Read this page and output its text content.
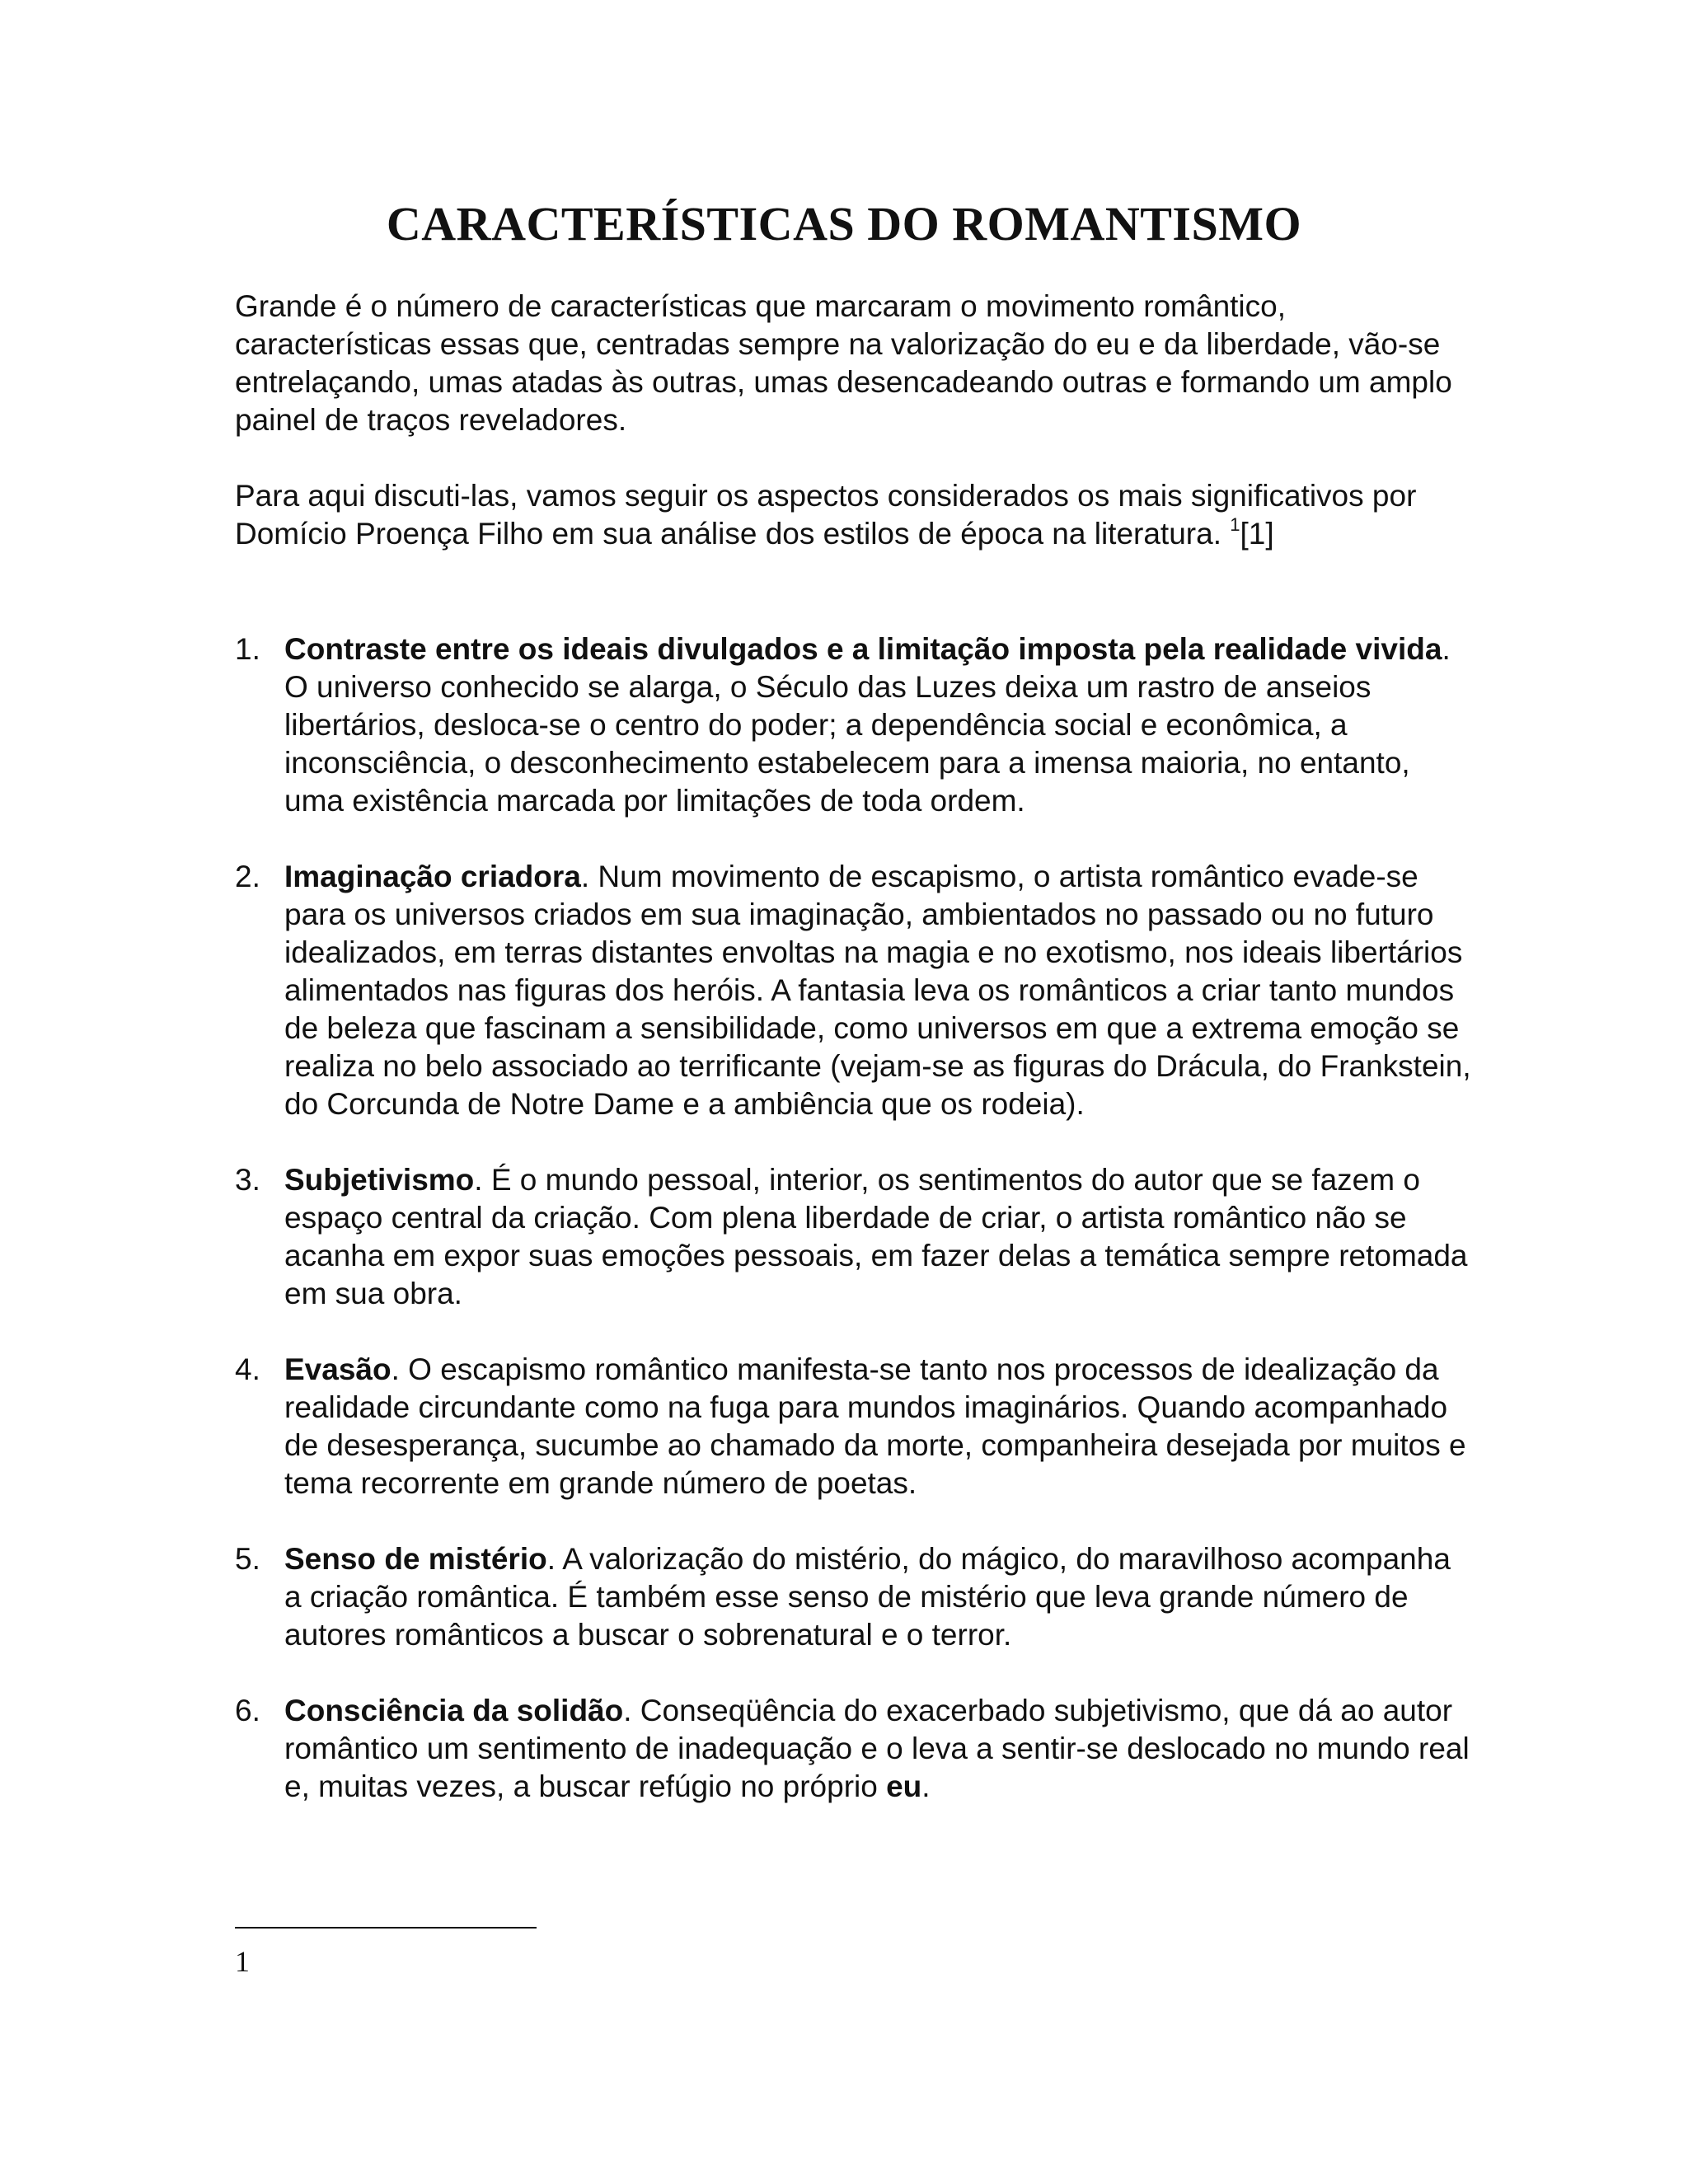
CARACTERÍSTICAS DO ROMANTISMO

Grande é o número de características que marcaram o movimento romântico, características essas que, centradas sempre na valorização do eu e da liberdade, vão-se entrelaçando, umas atadas às outras, umas desencadeando outras e formando um amplo painel de traços reveladores.

Para aqui discuti-las, vamos seguir os aspectos considerados os mais significativos por Domício Proença Filho em sua análise dos estilos de época na literatura. $^1$[1]

1. Contraste entre os ideais divulgados e a limitação imposta pela realidade vivida. O universo conhecido se alarga, o Século das Luzes deixa um rastro de anseios libertários, desloca-se o centro do poder; a dependência social e econômica, a inconsciência, o desconhecimento estabelecem para a imensa maioria, no entanto, uma existência marcada por limitações de toda ordem.
2. Imaginação criadora. Num movimento de escapismo, o artista romântico evade-se para os universos criados em sua imaginação, ambientados no passado ou no futuro idealizados, em terras distantes envoltas na magia e no exotismo, nos ideais libertários alimentados nas figuras dos heróis. A fantasia leva os românticos a criar tanto mundos de beleza que fascinam a sensibilidade, como universos em que a extrema emoção se realiza no belo associado ao terrificante (vejam-se as figuras do Drácula, do Frankstein, do Corcunda de Notre Dame e a ambiência que os rodeia).
3. Subjetivismo. É o mundo pessoal, interior, os sentimentos do autor que se fazem o espaço central da criação. Com plena liberdade de criar, o artista romântico não se acanha em expor suas emoções pessoais, em fazer delas a temática sempre retomada em sua obra.
4. Evasão. O escapismo romântico manifesta-se tanto nos processos de idealização da realidade circundante como na fuga para mundos imaginários. Quando acompanhado de desesperança, sucumbe ao chamado da morte, companheira desejada por muitos e tema recorrente em grande número de poetas.
5. Senso de mistério. A valorização do mistério, do mágico, do maravilhoso acompanha a criação romântica. É também esse senso de mistério que leva grande número de autores românticos a buscar o sobrenatural e o terror.
6. Consciência da solidão. Conseqüência do exacerbado subjetivismo, que dá ao autor romântico um sentimento de inadequação e o leva a sentir-se deslocado no mundo real e, muitas vezes, a buscar refúgio no próprio eu.

1
